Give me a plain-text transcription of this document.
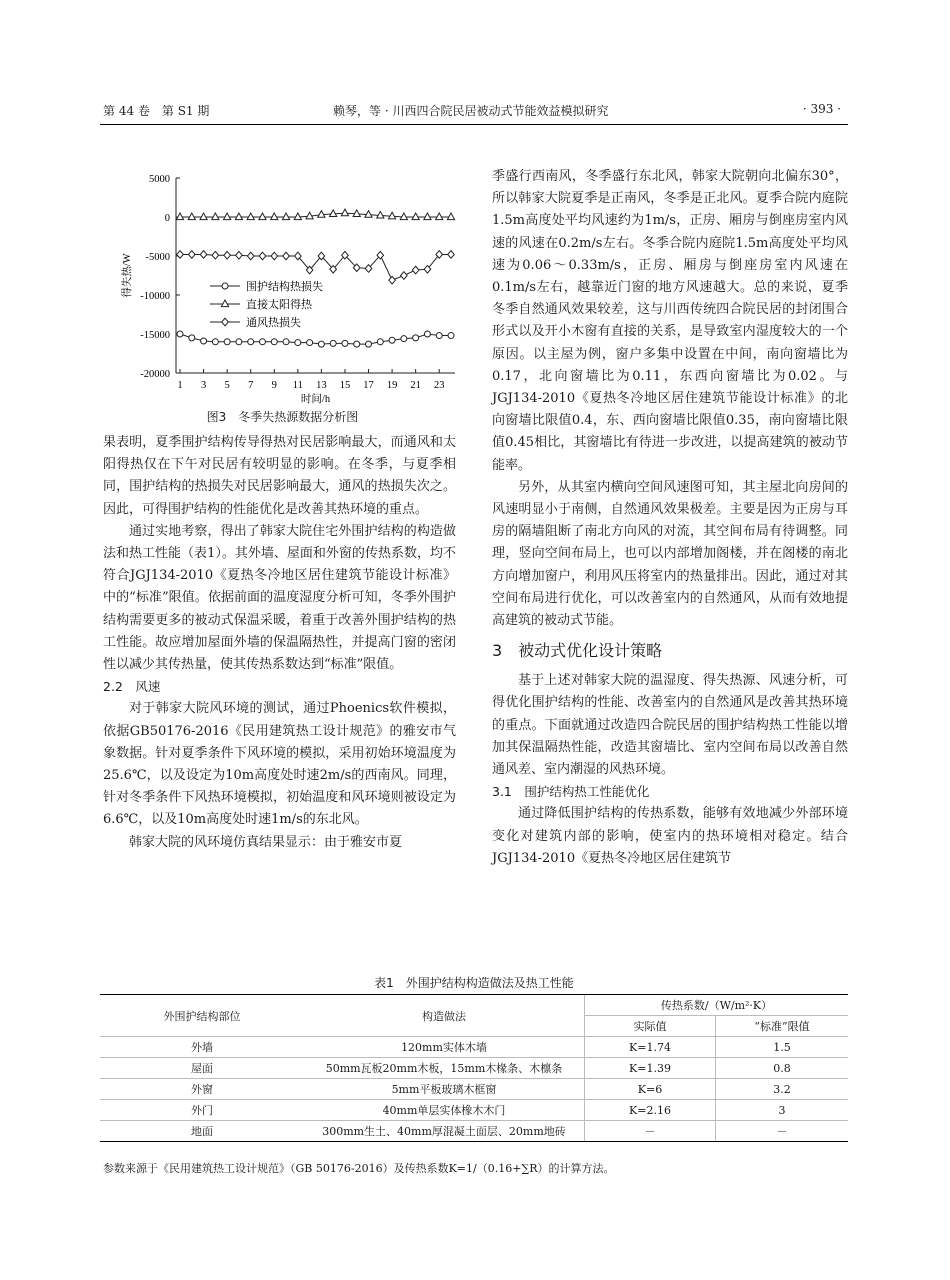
第 44 卷　第 S1 期	赖琴，等 · 川西四合院民居被动式节能效益模拟研究	· 393 ·
5000
0
-5000
-10000
-15000
-20000
1 3 5 7 9 11 13 15 17 19 21 23
时间/h
得失热/W	围护结构热损失
直接太阳得热
通风热损失
图3　冬季失热源数据分析图

果表明，夏季围护结构传导得热对民居影响最大，而通风和太阳得热仅在下午对民居有较明显的影响。在冬季，与夏季相同，围护结构的热损失对民居影响最大，通风的热损失次之。因此，可得围护结构的性能优化是改善其热环境的重点。

通过实地考察，得出了韩家大院住宅外围护结构的构造做法和热工性能（表1）。其外墙、屋面和外窗的传热系数，均不符合JGJ134-2010《夏热冬冷地区居住建筑节能设计标准》中的“标准”限值。依据前面的温度湿度分析可知，冬季外围护结构需要更多的被动式保温采暖，着重于改善外围护结构的热工性能。故应增加屋面外墙的保温隔热性，并提高门窗的密闭性以减少其传热量，使其传热系数达到“标准”限值。

2.2　风速

对于韩家大院风环境的测试，通过Phoenics软件模拟，依据GB50176-2016《民用建筑热工设计规范》的雅安市气象数据。针对夏季条件下风环境的模拟，采用初始环境温度为25.6℃，以及设定为10m高度处时速2m/s的西南风。同理，针对冬季条件下风热环境模拟，初始温度和风环境则被设定为6.6℃，以及10m高度处时速1m/s的东北风。

韩家大院的风环境仿真结果显示：由于雅安市夏

季盛行西南风，冬季盛行东北风，韩家大院朝向北偏东30°，所以韩家大院夏季是正南风，冬季是正北风。夏季合院内庭院1.5m高度处平均风速约为1m/s，正房、厢房与倒座房室内风速的风速在0.2m/s左右。冬季合院内庭院1.5m高度处平均风速为0.06～0.33m/s，正房、厢房与倒座房室内风速在0.1m/s左右，越靠近门窗的地方风速越大。总的来说，夏季冬季自然通风效果较差，这与川西传统四合院民居的封闭围合形式以及开小木窗有直接的关系，是导致室内湿度较大的一个原因。以主屋为例，窗户多集中设置在中间，南向窗墙比为0.17，北向窗墙比为0.11，东西向窗墙比为0.02。与JGJ134-2010《夏热冬冷地区居住建筑节能设计标准》的北向窗墙比限值0.4，东、西向窗墙比限值0.35，南向窗墙比限值0.45相比，其窗墙比有待进一步改进，以提高建筑的被动节能率。

另外，从其室内横向空间风速图可知，其主屋北向房间的风速明显小于南侧，自然通风效果极差。主要是因为正房与耳房的隔墙阻断了南北方向风的对流，其空间布局有待调整。同理，竖向空间布局上，也可以内部增加阁楼，并在阁楼的南北方向增加窗户，利用风压将室内的热量排出。因此，通过对其空间布局进行优化，可以改善室内的自然通风，从而有效地提高建筑的被动式节能。

3　被动式优化设计策略

基于上述对韩家大院的温湿度、得失热源、风速分析，可得优化围护结构的性能、改善室内的自然通风是改善其热环境的重点。下面就通过改造四合院民居的围护结构热工性能以增加其保温隔热性能，改造其窗墙比、室内空间布局以改善自然通风差、室内潮湿的风热环境。

3.1　围护结构热工性能优化

通过降低围护结构的传热系数，能够有效地减少外部环境变化对建筑内部的影响，使室内的热环境相对稳定。结合JGJ134-2010《夏热冬冷地区居住建筑节

表1　外围护结构构造做法及热工性能
外围护结构部位	构造做法	传热系数/（W/m²·K）	
		实际值	“标准”限值
外墙	120mm实体木墙	K=1.74	1.5
屋面	50mm瓦板20mm木板，15mm木椽条、木檩条	K=1.39	0.8
外窗	5mm平板玻璃木框窗	K=6	3.2
外门	40mm单层实体橡木木门	K=2.16	3
地面	300mm生土、40mm厚混凝土面层、20mm地砖	－	－
参数来源于《民用建筑热工设计规范》（GB 50176-2016）及传热系数K=1/（0.16+∑R）的计算方法。
